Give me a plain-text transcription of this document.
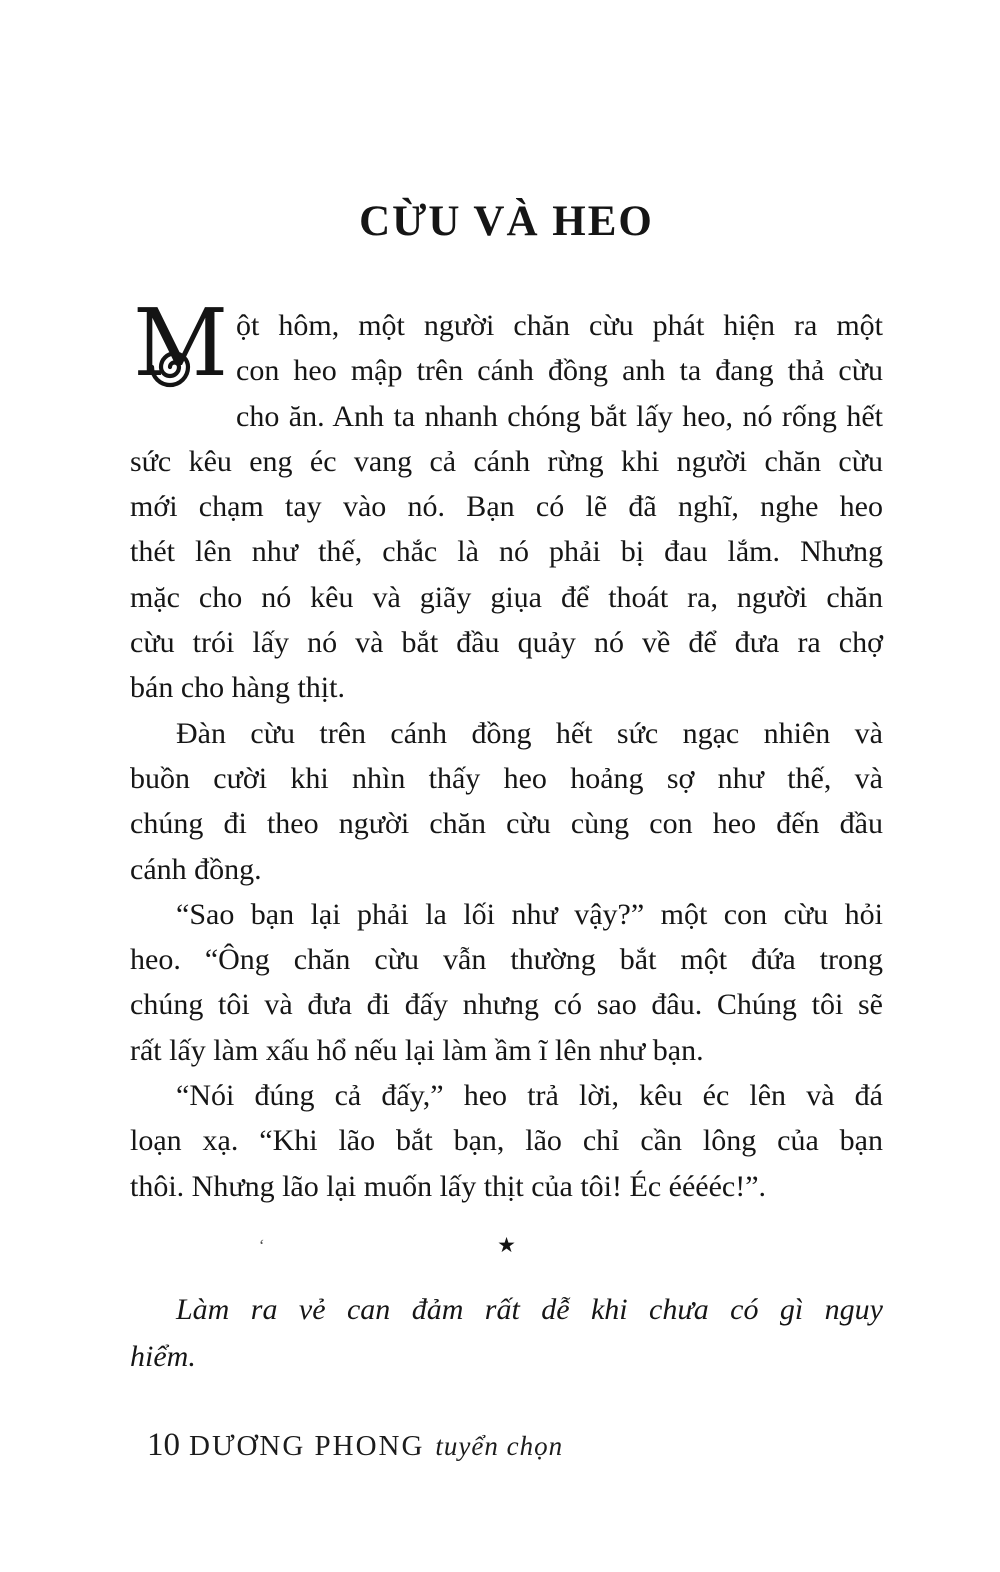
CỪU VÀ HEO
M ột hôm, một người chăn cừu phát hiện ra một
con heo mập trên cánh đồng anh ta đang thả cừu
cho ăn. Anh ta nhanh chóng bắt lấy heo, nó rống hết
sức kêu eng éc vang cả cánh rừng khi người chăn cừu
mới chạm tay vào nó. Bạn có lẽ đã nghĩ, nghe heo
thét lên như thế, chắc là nó phải bị đau lắm. Nhưng
mặc cho nó kêu và giãy giụa để thoát ra, người chăn
cừu trói lấy nó và bắt đầu quảy nó về để đưa ra chợ
bán cho hàng thịt.
Đàn cừu trên cánh đồng hết sức ngạc nhiên và
buồn cười khi nhìn thấy heo hoảng sợ như thế, và
chúng đi theo người chăn cừu cùng con heo đến đầu
cánh đồng.
“Sao bạn lại phải la lối như vậy?” một con cừu hỏi
heo. “Ông chăn cừu vẫn thường bắt một đứa trong
chúng tôi và đưa đi đấy nhưng có sao đâu. Chúng tôi sẽ
rất lấy làm xấu hổ nếu lại làm ầm ĩ lên như bạn.
“Nói đúng cả đấy,” heo trả lời, kêu éc lên và đá
loạn xạ. “Khi lão bắt bạn, lão chỉ cần lông của bạn
thôi. Nhưng lão lại muốn lấy thịt của tôi! Éc ééééc!”.
‘	★
Làm ra vẻ can đảm rất dễ khi chưa có gì nguy
hiểm.
10 DƯƠNG PHONG tuyển chọn
